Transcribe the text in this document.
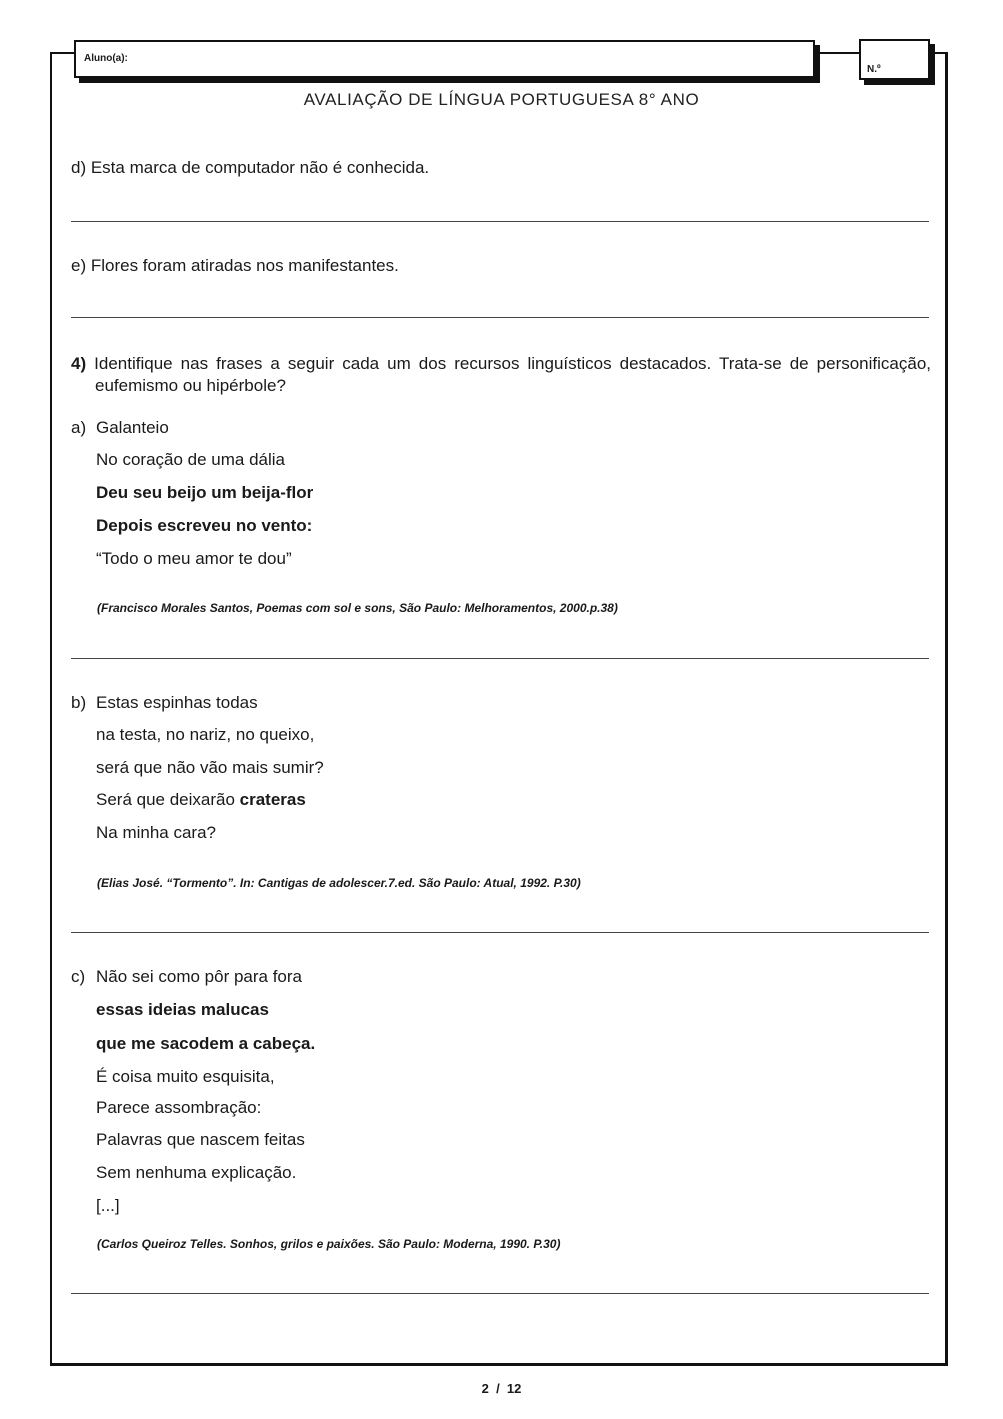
Aluno(a):
N.º
AVALIAÇÃO DE LÍNGUA PORTUGUESA 8° ANO
d) Esta marca de computador não é conhecida.
e) Flores foram atiradas nos manifestantes.
4) Identifique nas frases a seguir cada um dos recursos linguísticos destacados. Trata-se de personificação, eufemismo ou hipérbole?
a) Galanteio
No coração de uma dália
Deu seu beijo um beija-flor
Depois escreveu no vento:
“Todo o meu amor te dou”
(Francisco Morales Santos, Poemas com sol e sons, São Paulo: Melhoramentos, 2000.p.38)
b) Estas espinhas todas
na testa, no nariz, no queixo,
será que não vão mais sumir?
Será que deixarão crateras
Na minha cara?
(Elias José. “Tormento”. In: Cantigas de adolescer.7.ed. São Paulo: Atual, 1992. P.30)
c) Não sei como pôr para fora
essas ideias malucas
que me sacodem a cabeça.
É coisa muito esquisita,
Parece assombração:
Palavras que nascem feitas
Sem nenhuma explicação.
[...]
(Carlos Queiroz Telles. Sonhos, grilos e paixões. São Paulo: Moderna, 1990. P.30)
2  /  12
